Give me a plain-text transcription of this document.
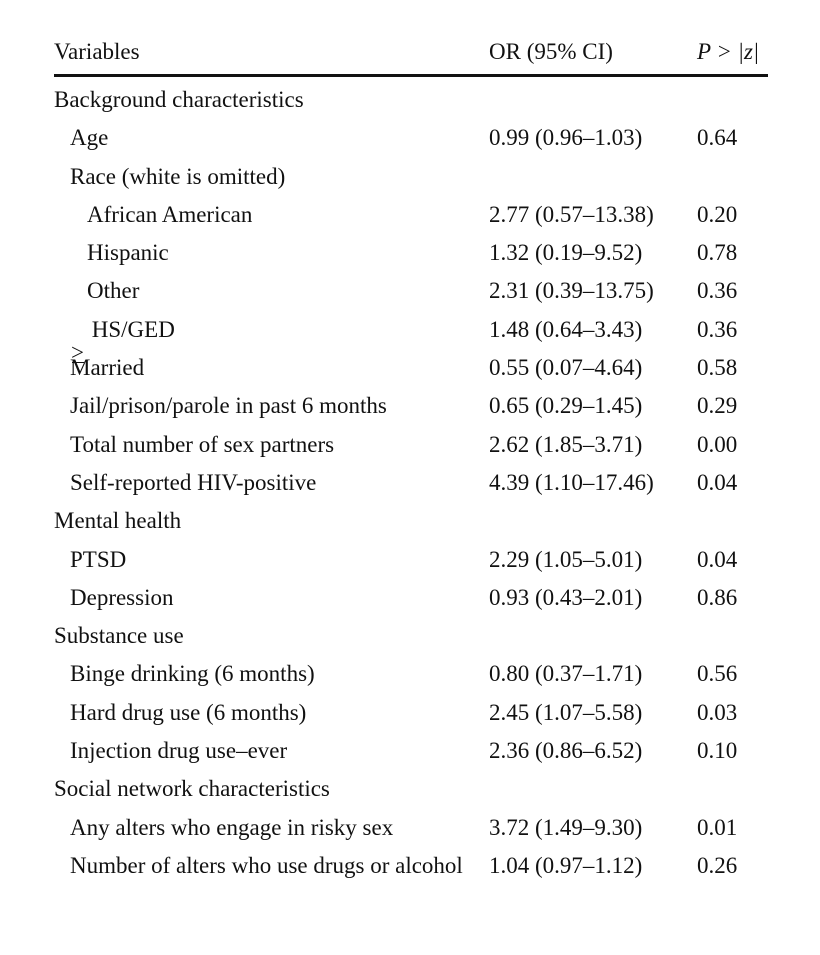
Variables	OR (95% CI)	P > |z|
Background characteristics
Age	0.99 (0.96–1.03) 0.64
Race (white is omitted)
African American	2.77 (0.57–13.38) 0.20
Hispanic	1.32 (0.19–9.52) 0.78
Other	2.31 (0.39–13.75) 0.36
HS/GED	1.48 (0.64–3.43) 0.36
Married	0.55 (0.07–4.64) 0.58
Jail/prison/parole in past 6 months	0.65 (0.29–1.45) 0.29
Total number of sex partners	2.62 (1.85–3.71) 0.00
Self-reported HIV-positive	4.39 (1.10–17.46) 0.04
Mental health
PTSD	2.29 (1.05–5.01) 0.04
Depression	0.93 (0.43–2.01) 0.86
Substance use
Binge drinking (6 months)	0.80 (0.37–1.71) 0.56
Hard drug use (6 months)	2.45 (1.07–5.58) 0.03
Injection drug use–ever	2.36 (0.86–6.52) 0.10
Social network characteristics
Any alters who engage in risky sex	3.72 (1.49–9.30) 0.01
Number of alters who use drugs or alcohol	1.04 (0.97–1.12) 0.26
